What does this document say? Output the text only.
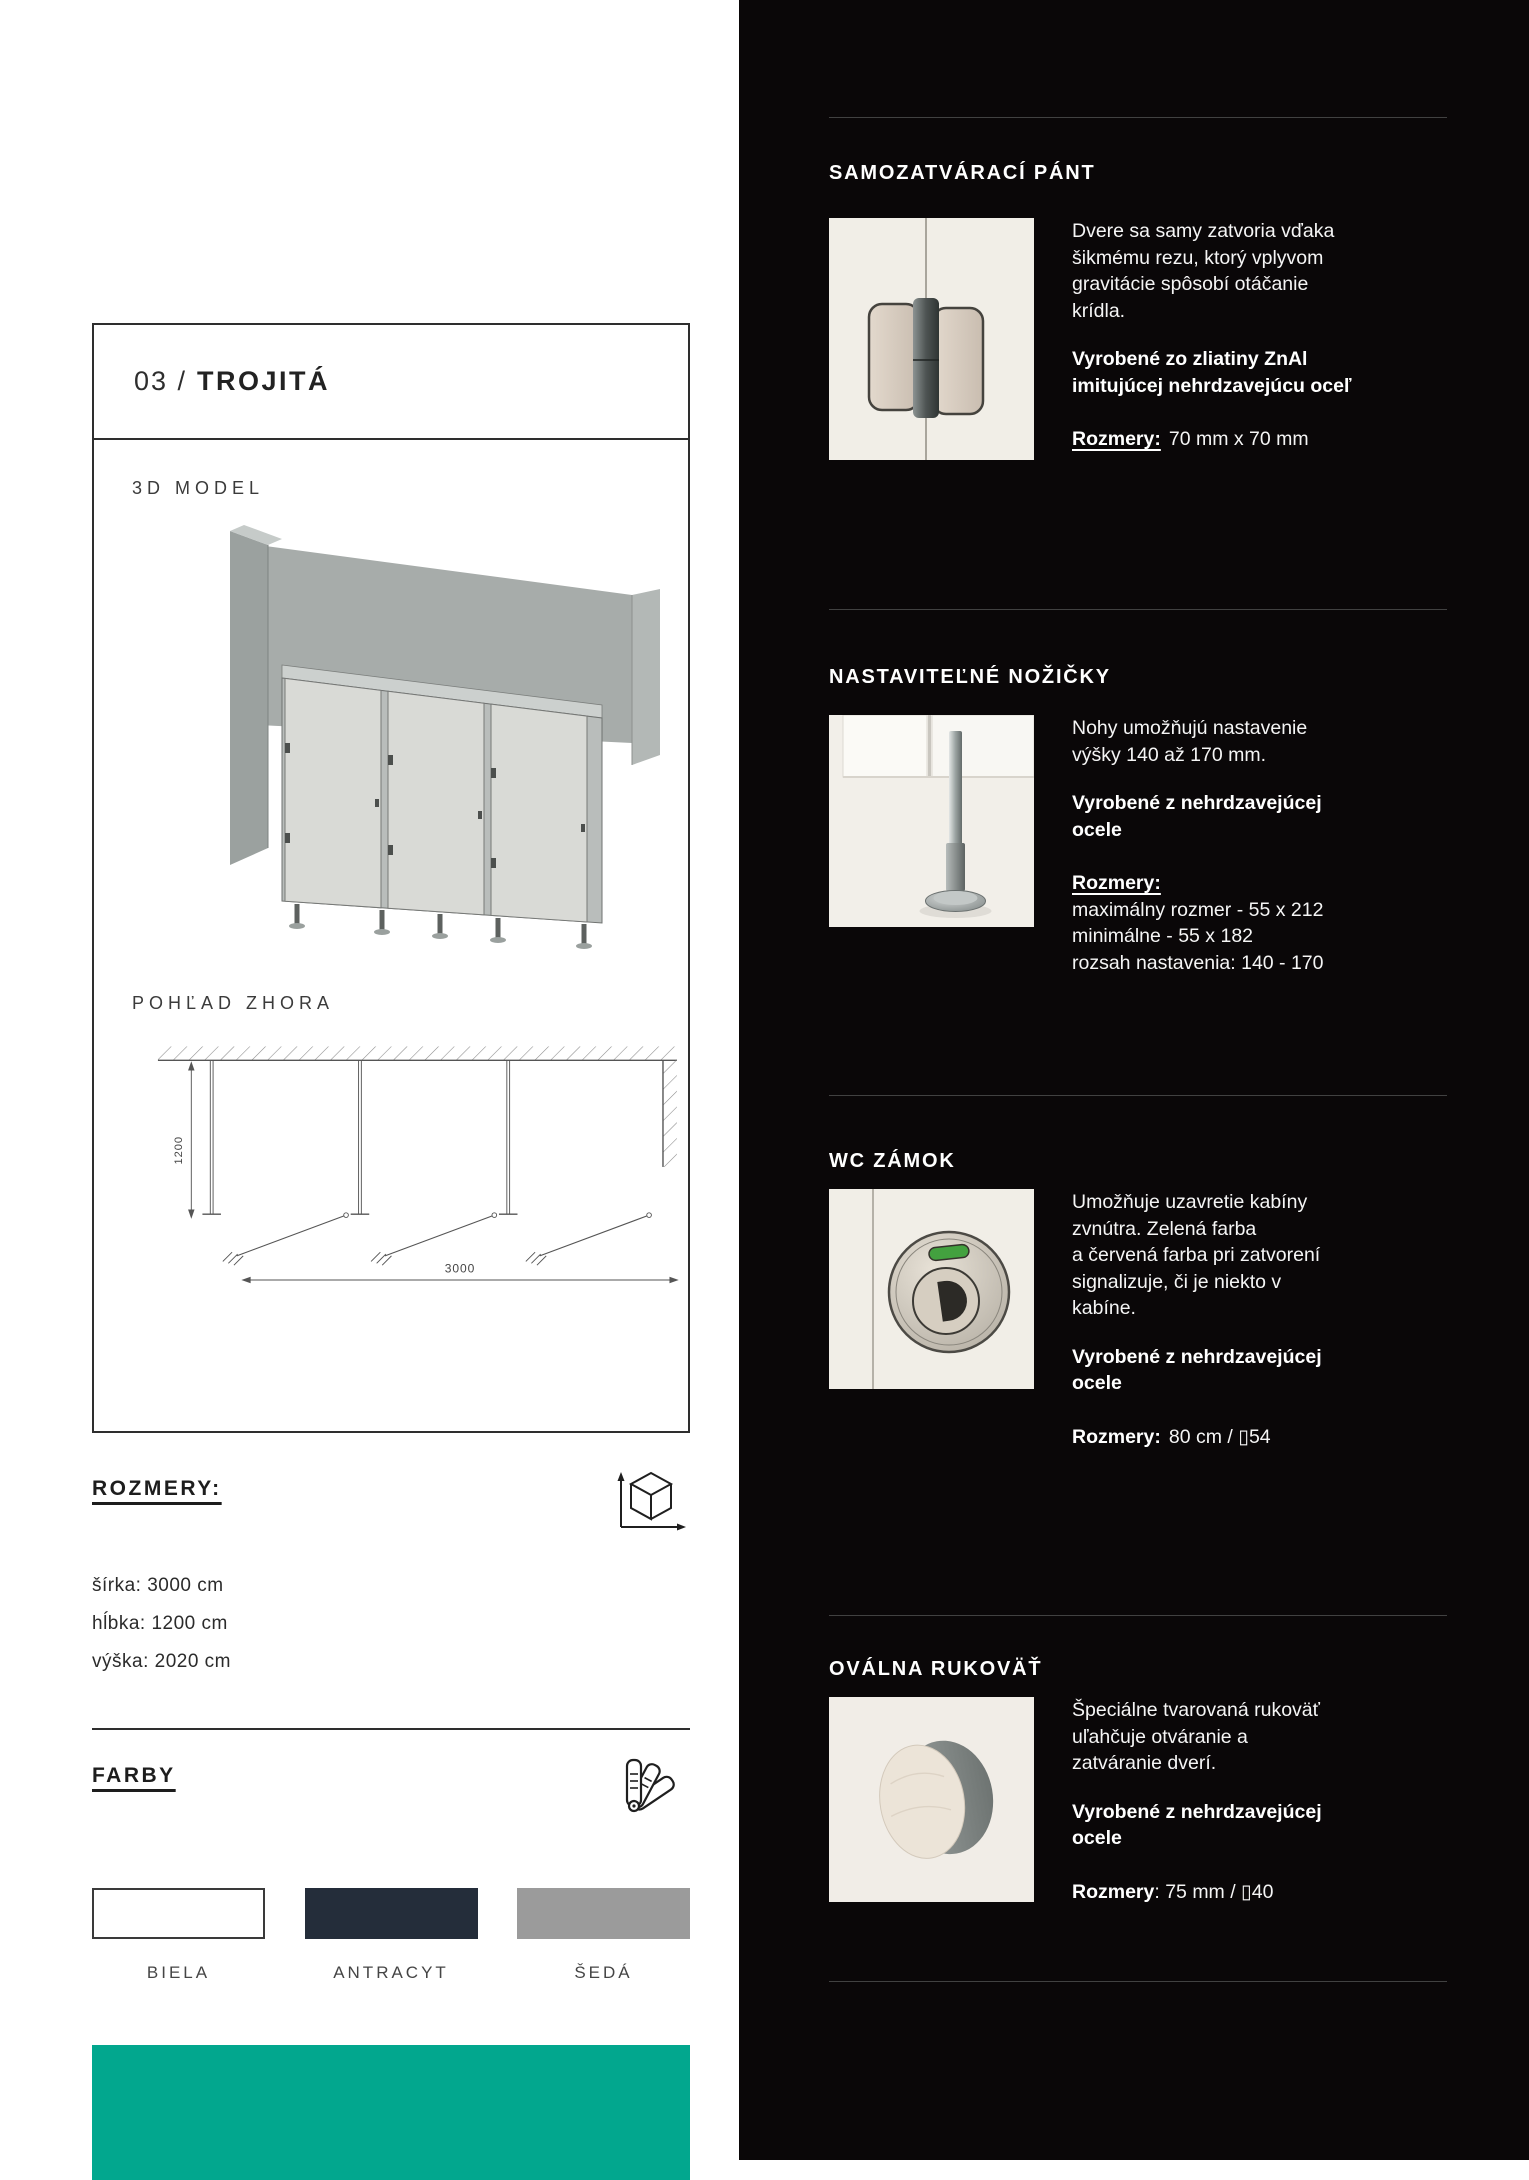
03 / TROJITÁ
3D MODEL
POHĽAD ZHORA
1200
3000
ROZMERY:
šírka: 3000 cm
hĺbka: 1200 cm
výška: 2020 cm
FARBY
BIELA	ANTRACYT	ŠEDÁ
SAMOZATVÁRACÍ PÁNT
Dvere sa samy zatvoria vďaka
šikmému rezu, ktorý vplyvom
gravitácie spôsobí otáčanie
krídla.
Vyrobené zo zliatiny ZnAl
imitujúcej nehrdzavejúcu oceľ
Rozmery: 70 mm x 70 mm
NASTAVITEĽNÉ NOŽIČKY
Nohy umožňujú nastavenie
výšky 140 až 170 mm.
Vyrobené z nehrdzavejúcej
ocele
Rozmery:
maximálny rozmer - 55 x 212
minimálne - 55 x 182
rozsah nastavenia: 140 - 170
WC ZÁMOK
Umožňuje uzavretie kabíny
zvnútra. Zelená farba
a červená farba pri zatvorení
signalizuje, či je niekto v
kabíne.
Vyrobené z nehrdzavejúcej
ocele
Rozmery: 80 cm / ▯54
OVÁLNA RUKOVÄŤ
Špeciálne tvarovaná rukoväť
uľahčuje otváranie a
zatváranie dverí.
Vyrobené z nehrdzavejúcej
ocele
Rozmery: 75 mm / ▯40
